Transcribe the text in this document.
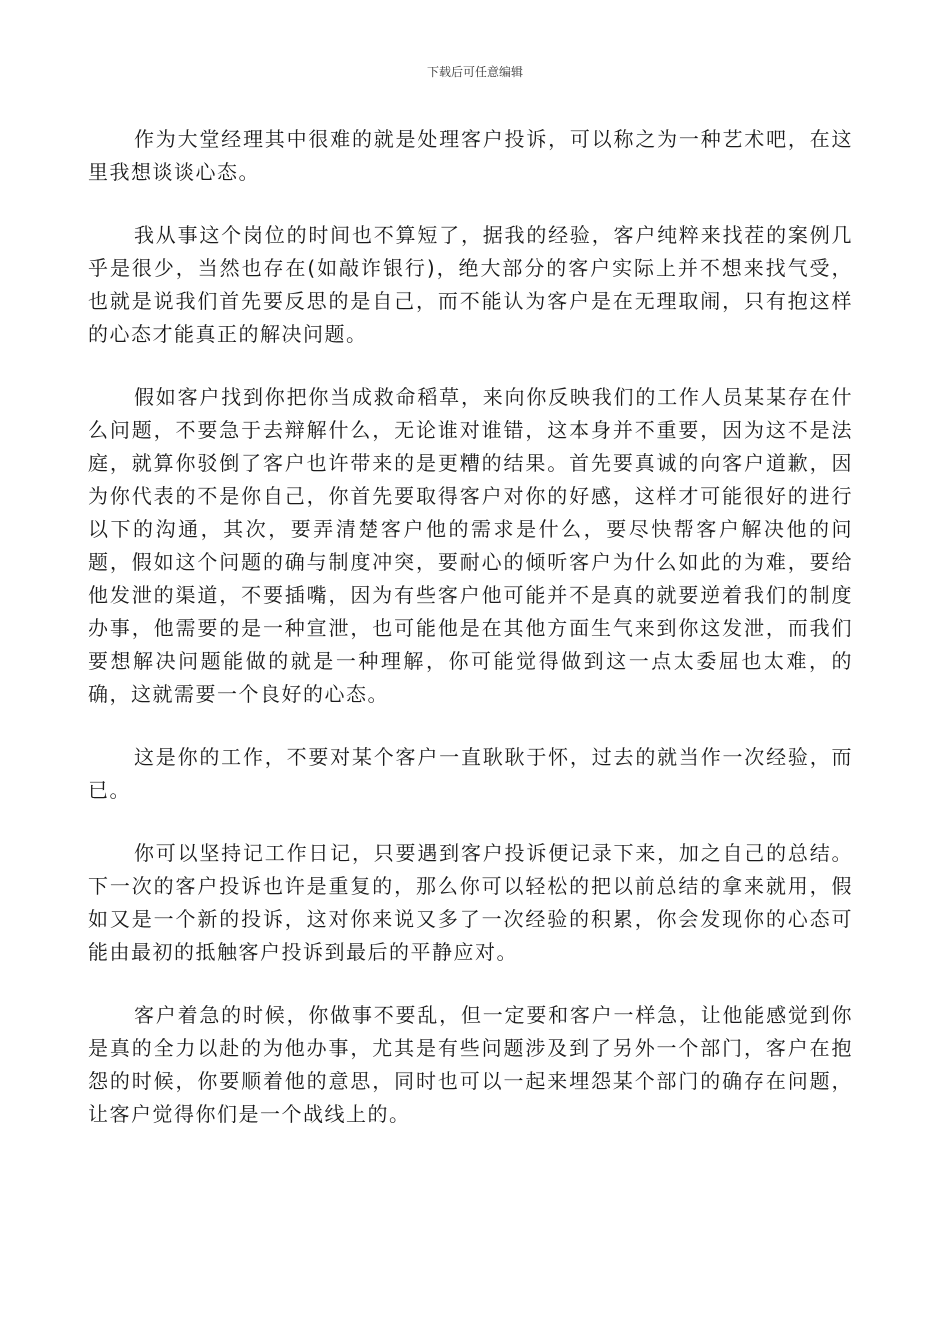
下载后可任意编辑

作为大堂经理其中很难的就是处理客户投诉，可以称之为一种艺术吧，在这里我想谈谈心态。

我从事这个岗位的时间也不算短了，据我的经验，客户纯粹来找茬的案例几乎是很少，当然也存在(如敲诈银行)，绝大部分的客户实际上并不想来找气受，也就是说我们首先要反思的是自己，而不能认为客户是在无理取闹，只有抱这样的心态才能真正的解决问题。

假如客户找到你把你当成救命稻草，来向你反映我们的工作人员某某存在什么问题，不要急于去辩解什么，无论谁对谁错，这本身并不重要，因为这不是法庭，就算你驳倒了客户也许带来的是更糟的结果。首先要真诚的向客户道歉，因为你代表的不是你自己，你首先要取得客户对你的好感，这样才可能很好的进行以下的沟通，其次，要弄清楚客户他的需求是什么，要尽快帮客户解决他的问题，假如这个问题的确与制度冲突，要耐心的倾听客户为什么如此的为难，要给他发泄的渠道，不要插嘴，因为有些客户他可能并不是真的就要逆着我们的制度办事，他需要的是一种宣泄，也可能他是在其他方面生气来到你这发泄，而我们要想解决问题能做的就是一种理解，你可能觉得做到这一点太委屈也太难，的确，这就需要一个良好的心态。

这是你的工作，不要对某个客户一直耿耿于怀，过去的就当作一次经验，而已。

你可以坚持记工作日记，只要遇到客户投诉便记录下来，加之自己的总结。下一次的客户投诉也许是重复的，那么你可以轻松的把以前总结的拿来就用，假如又是一个新的投诉，这对你来说又多了一次经验的积累，你会发现你的心态可能由最初的抵触客户投诉到最后的平静应对。

客户着急的时候，你做事不要乱，但一定要和客户一样急，让他能感觉到你是真的全力以赴的为他办事，尤其是有些问题涉及到了另外一个部门，客户在抱怨的时候，你要顺着他的意思，同时也可以一起来埋怨某个部门的确存在问题，让客户觉得你们是一个战线上的。
